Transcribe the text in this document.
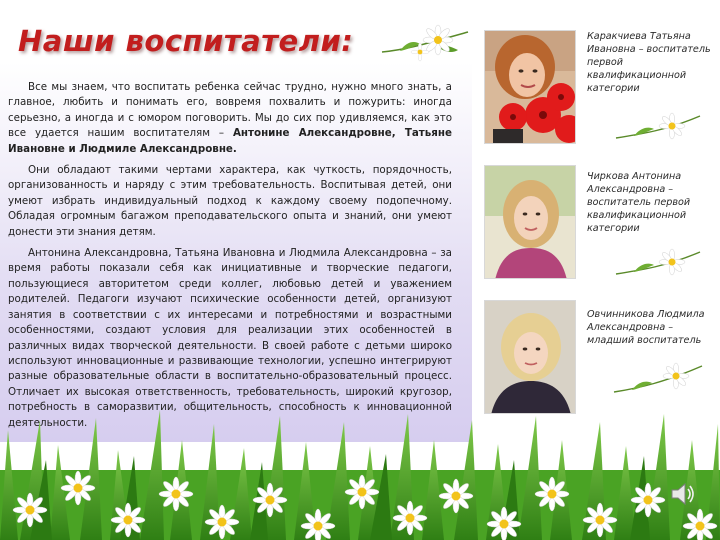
Наши воспитатели:

Все мы знаем, что воспитать ребенка сейчас трудно, нужно много знать, а главное, любить и понимать его, вовремя похвалить и пожурить: иногда серьезно, а иногда и с юмором поговорить. Мы до сих пор удивляемся, как это все удается нашим воспитателям – Антонине Александровне, Татьяне Ивановне и Людмиле Александровне.

Они обладают такими чертами характера, как чуткость, порядочность, организованность и наряду с этим требовательность. Воспитывая детей, они умеют избрать индивидуальный подход к каждому своему подопечному. Обладая огромным багажом преподавательского опыта и знаний, они умеют донести эти знания детям.

Антонина Александровна, Татьяна Ивановна и Людмила Александровна – за время работы показали себя как инициативные и творческие педагоги, пользующиеся авторитетом среди коллег, любовью детей и уважением родителей. Педагоги изучают психические особенности детей, организуют занятия в соответствии с их интересами и потребностями и возрастными особенностями, создают условия для реализации этих особенностей в различных видах творческой деятельности. В своей работе с детьми широко используют инновационные и развивающие технологии, успешно интегрируют разные образовательные области в воспитательно-образовательный процесс. Отличает их высокая ответственность, требовательность, широкий кругозор, потребность в саморазвитии, общительность, способность к инновационной деятельности.

Каракчиева Татьяна Ивановна – воспитатель первой квалификационной категории
Чиркова Антонина Александровна – воспитатель первой квалификационной категории
Овчинникова Людмила Александровна – младший воспитатель
